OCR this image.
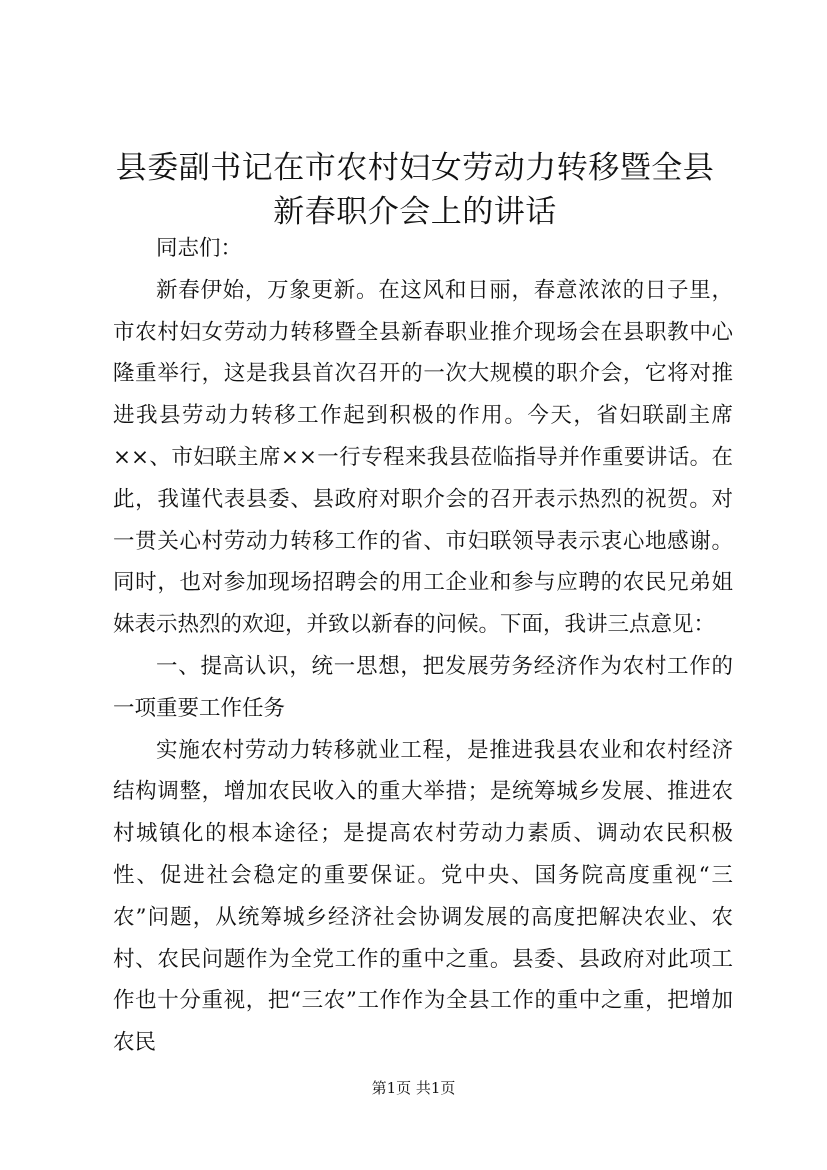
县委副书记在市农村妇女劳动力转移暨全县新春职介会上的讲话

同志们：

新春伊始，万象更新。在这风和日丽，春意浓浓的日子里，市农村妇女劳动力转移暨全县新春职业推介现场会在县职教中心隆重举行，这是我县首次召开的一次大规模的职介会，它将对推进我县劳动力转移工作起到积极的作用。今天，省妇联副主席××、市妇联主席××一行专程来我县莅临指导并作重要讲话。在此，我谨代表县委、县政府对职介会的召开表示热烈的祝贺。对一贯关心村劳动力转移工作的省、市妇联领导表示衷心地感谢。同时，也对参加现场招聘会的用工企业和参与应聘的农民兄弟姐妹表示热烈的欢迎，并致以新春的问候。下面，我讲三点意见：

一、提高认识，统一思想，把发展劳务经济作为农村工作的一项重要工作任务

实施农村劳动力转移就业工程，是推进我县农业和农村经济结构调整，增加农民收入的重大举措；是统筹城乡发展、推进农村城镇化的根本途径；是提高农村劳动力素质、调动农民积极性、促进社会稳定的重要保证。党中央、国务院高度重视“三农”问题，从统筹城乡经济社会协调发展的高度把解决农业、农村、农民问题作为全党工作的重中之重。县委、县政府对此项工作也十分重视，把“三农”工作作为全县工作的重中之重，把增加农民

第1页 共1页
